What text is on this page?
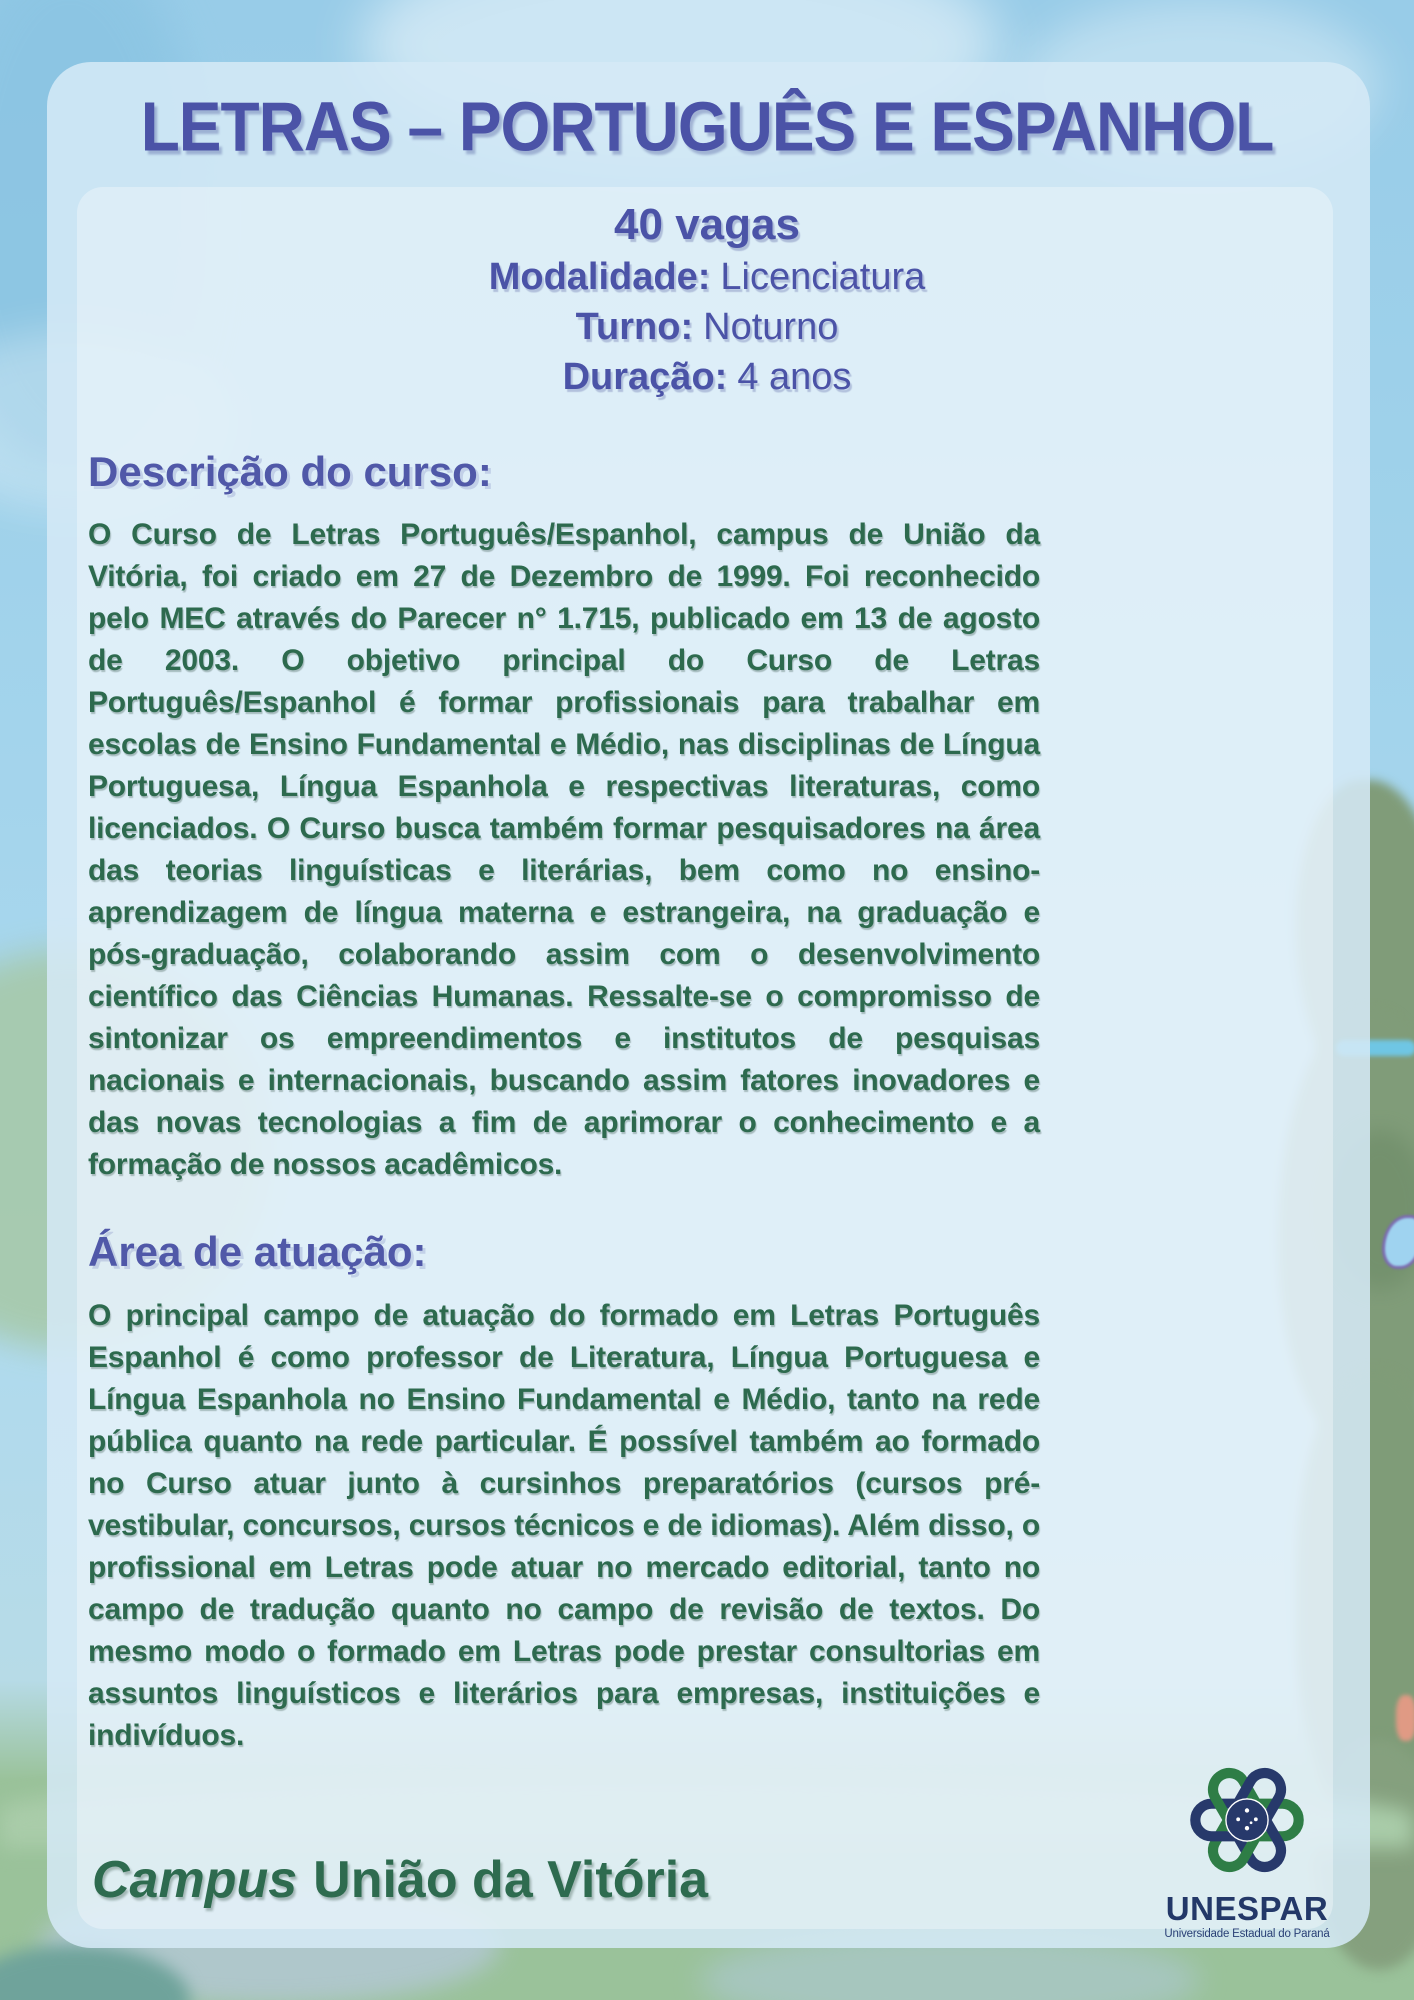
LETRAS – PORTUGUÊS E ESPANHOL
40 vagas
Modalidade: Licenciatura
Turno: Noturno
Duração: 4 anos
Descrição do curso:

O Curso de Letras Português/Espanhol, campus de União da Vitória, foi criado em 27 de Dezembro de 1999. Foi reconhecido pelo MEC através do Parecer n° 1.715, publicado em 13 de agosto de 2003. O objetivo principal do Curso de Letras Português/Espanhol é formar profissionais para trabalhar em escolas de Ensino Fundamental e Médio, nas disciplinas de Língua Portuguesa, Língua Espanhola e respectivas literaturas, como licenciados. O Curso busca também formar pesquisadores na área das teorias linguísticas e literárias, bem como no ensino-aprendizagem de língua materna e estrangeira, na graduação e pós-graduação, colaborando assim com o desenvolvimento científico das Ciências Humanas. Ressalte-se o compromisso de sintonizar os empreendimentos e institutos de pesquisas nacionais e internacionais, buscando assim fatores inovadores e das novas tecnologias a fim de aprimorar o conhecimento e a formação de nossos acadêmicos.

Área de atuação:

O principal campo de atuação do formado em Letras Português Espanhol é como professor de Literatura, Língua Portuguesa e Língua Espanhola no Ensino Fundamental e Médio, tanto na rede pública quanto na rede particular. É possível também ao formado no Curso atuar junto à cursinhos preparatórios (cursos pré-vestibular, concursos, cursos técnicos e de idiomas). Além disso, o profissional em Letras pode atuar no mercado editorial, tanto no campo de tradução quanto no campo de revisão de textos. Do mesmo modo o formado em Letras pode prestar consultorias em assuntos linguísticos e literários para empresas, instituições e indivíduos.

Campus União da Vitória	UNESPAR
Universidade Estadual do Paraná
